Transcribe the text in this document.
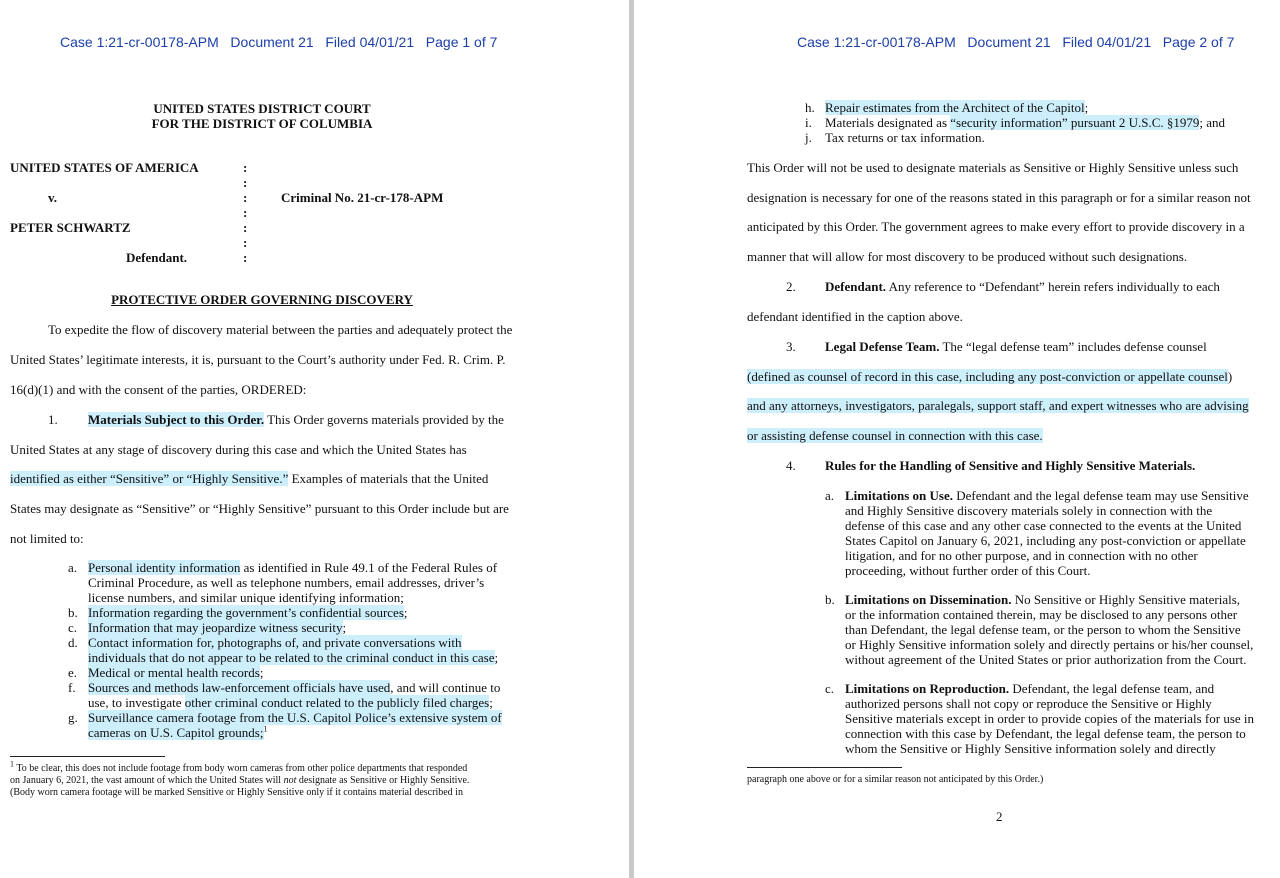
Case 1:21-cr-00178-APM Document 21 Filed 04/01/21 Page 1 of 7
UNITED STATES DISTRICT COURT
FOR THE DISTRICT OF COLUMBIA
UNITED STATES OF AMERICA
v.
PETER SCHWARTZ
Defendant.
Criminal No. 21-cr-178-APM
:
:
:
:
:
:
:
PROTECTIVE ORDER GOVERNING DISCOVERY
To expedite the flow of discovery material between the parties and adequately protect the
United States’ legitimate interests, it is, pursuant to the Court’s authority under Fed. R. Crim. P.
16(d)(1) and with the consent of the parties, ORDERED:
1. Materials Subject to this Order. This Order governs materials provided by the
United States at any stage of discovery during this case and which the United States has
identified as either “Sensitive” or “Highly Sensitive.” Examples of materials that the United
States may designate as “Sensitive” or “Highly Sensitive” pursuant to this Order include but are
not limited to:
a. Personal identity information as identified in Rule 49.1 of the Federal Rules of
Criminal Procedure, as well as telephone numbers, email addresses, driver’s
license numbers, and similar unique identifying information;
b. Information regarding the government’s confidential sources;
c. Information that may jeopardize witness security;
d. Contact information for, photographs of, and private conversations with
individuals that do not appear to be related to the criminal conduct in this case;
e. Medical or mental health records;
f. Sources and methods law-enforcement officials have used, and will continue to
use, to investigate other criminal conduct related to the publicly filed charges;
g. Surveillance camera footage from the U.S. Capitol Police’s extensive system of
cameras on U.S. Capitol grounds;$^1$
$^1$ To be clear, this does not include footage from body worn cameras from other police departments that responded
on January 6, 2021, the vast amount of which the United States will not designate as Sensitive or Highly Sensitive.
(Body worn camera footage will be marked Sensitive or Highly Sensitive only if it contains material described in
Case 1:21-cr-00178-APM Document 21 Filed 04/01/21 Page 2 of 7
h. Repair estimates from the Architect of the Capitol;
i. Materials designated as “security information” pursuant 2 U.S.C. §1979; and
j. Tax returns or tax information.
This Order will not be used to designate materials as Sensitive or Highly Sensitive unless such
designation is necessary for one of the reasons stated in this paragraph or for a similar reason not
anticipated by this Order. The government agrees to make every effort to provide discovery in a
manner that will allow for most discovery to be produced without such designations.
2. Defendant. Any reference to “Defendant” herein refers individually to each
defendant identified in the caption above.
3. Legal Defense Team. The “legal defense team” includes defense counsel
(defined as counsel of record in this case, including any post-conviction or appellate counsel)
and any attorneys, investigators, paralegals, support staff, and expert witnesses who are advising
or assisting defense counsel in connection with this case.
4. Rules for the Handling of Sensitive and Highly Sensitive Materials.
a. Limitations on Use. Defendant and the legal defense team may use Sensitive
and Highly Sensitive discovery materials solely in connection with the
defense of this case and any other case connected to the events at the United
States Capitol on January 6, 2021, including any post-conviction or appellate
litigation, and for no other purpose, and in connection with no other
proceeding, without further order of this Court.
b. Limitations on Dissemination. No Sensitive or Highly Sensitive materials,
or the information contained therein, may be disclosed to any persons other
than Defendant, the legal defense team, or the person to whom the Sensitive
or Highly Sensitive information solely and directly pertains or his/her counsel,
without agreement of the United States or prior authorization from the Court.
c. Limitations on Reproduction. Defendant, the legal defense team, and
authorized persons shall not copy or reproduce the Sensitive or Highly
Sensitive materials except in order to provide copies of the materials for use in
connection with this case by Defendant, the legal defense team, the person to
whom the Sensitive or Highly Sensitive information solely and directly
paragraph one above or for a similar reason not anticipated by this Order.)
2
